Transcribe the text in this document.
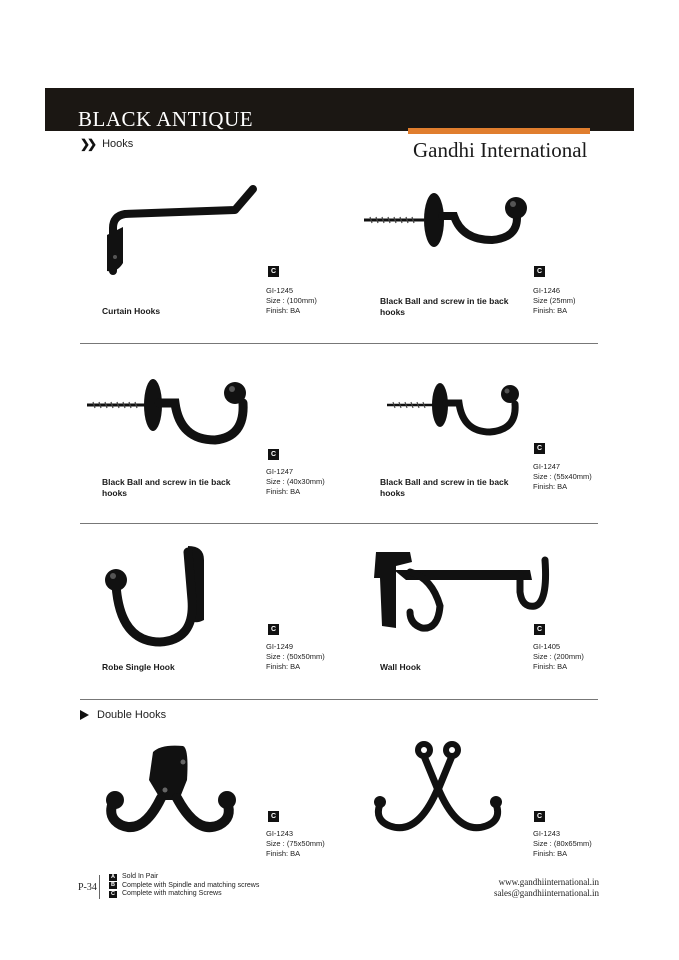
BLACK ANTIQUE
Gandhi International
❯❯ Hooks
Curtain Hooks
C
GI-1245
Size : (100mm)
Finish: BA
Black Ball and screw in tie back hooks
C
GI-1246
Size (25mm)
Finish: BA
Black Ball and screw in tie back hooks
C
GI-1247
Size : (40x30mm)
Finish: BA
Black Ball and screw in tie back hooks
C
GI-1247
Size : (55x40mm)
Finish: BA
Robe Single Hook
C
GI-1249
Size : (50x50mm)
Finish: BA	Wall Hook
C
GI-1405
Size : (200mm)
Finish: BA
Double Hooks
C
GI-1243
Size : (75x50mm)
Finish: BA
C
GI-1243
Size : (80x65mm)
Finish: BA
P-34
A Sold In Pair
B Complete with Spindle and matching screws
C Complete with matching Screws
www.gandhiinternational.in
sales@gandhiinternational.in
